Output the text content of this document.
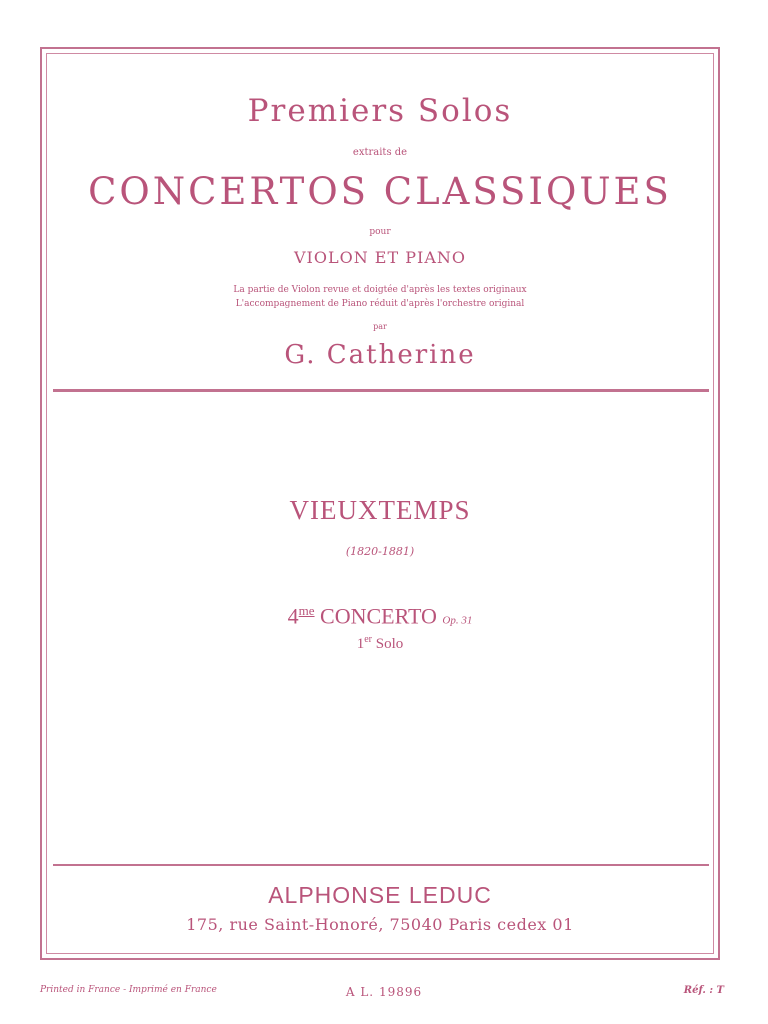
Premiers Solos
extraits de
CONCERTOS CLASSIQUES
pour
VIOLON ET PIANO
La partie de Violon revue et doigtée d'après les textes originaux
L'accompagnement de Piano réduit d'après l'orchestre original
par
G. Catherine
VIEUXTEMPS
(1820-1881)
$4^{me}$ CONCERTO Op. 31
1er Solo
ALPHONSE LEDUC
175, rue Saint-Honoré, 75040 Paris cedex 01
Printed in France - Imprimé en France	A L. 19896	Réf. : T
